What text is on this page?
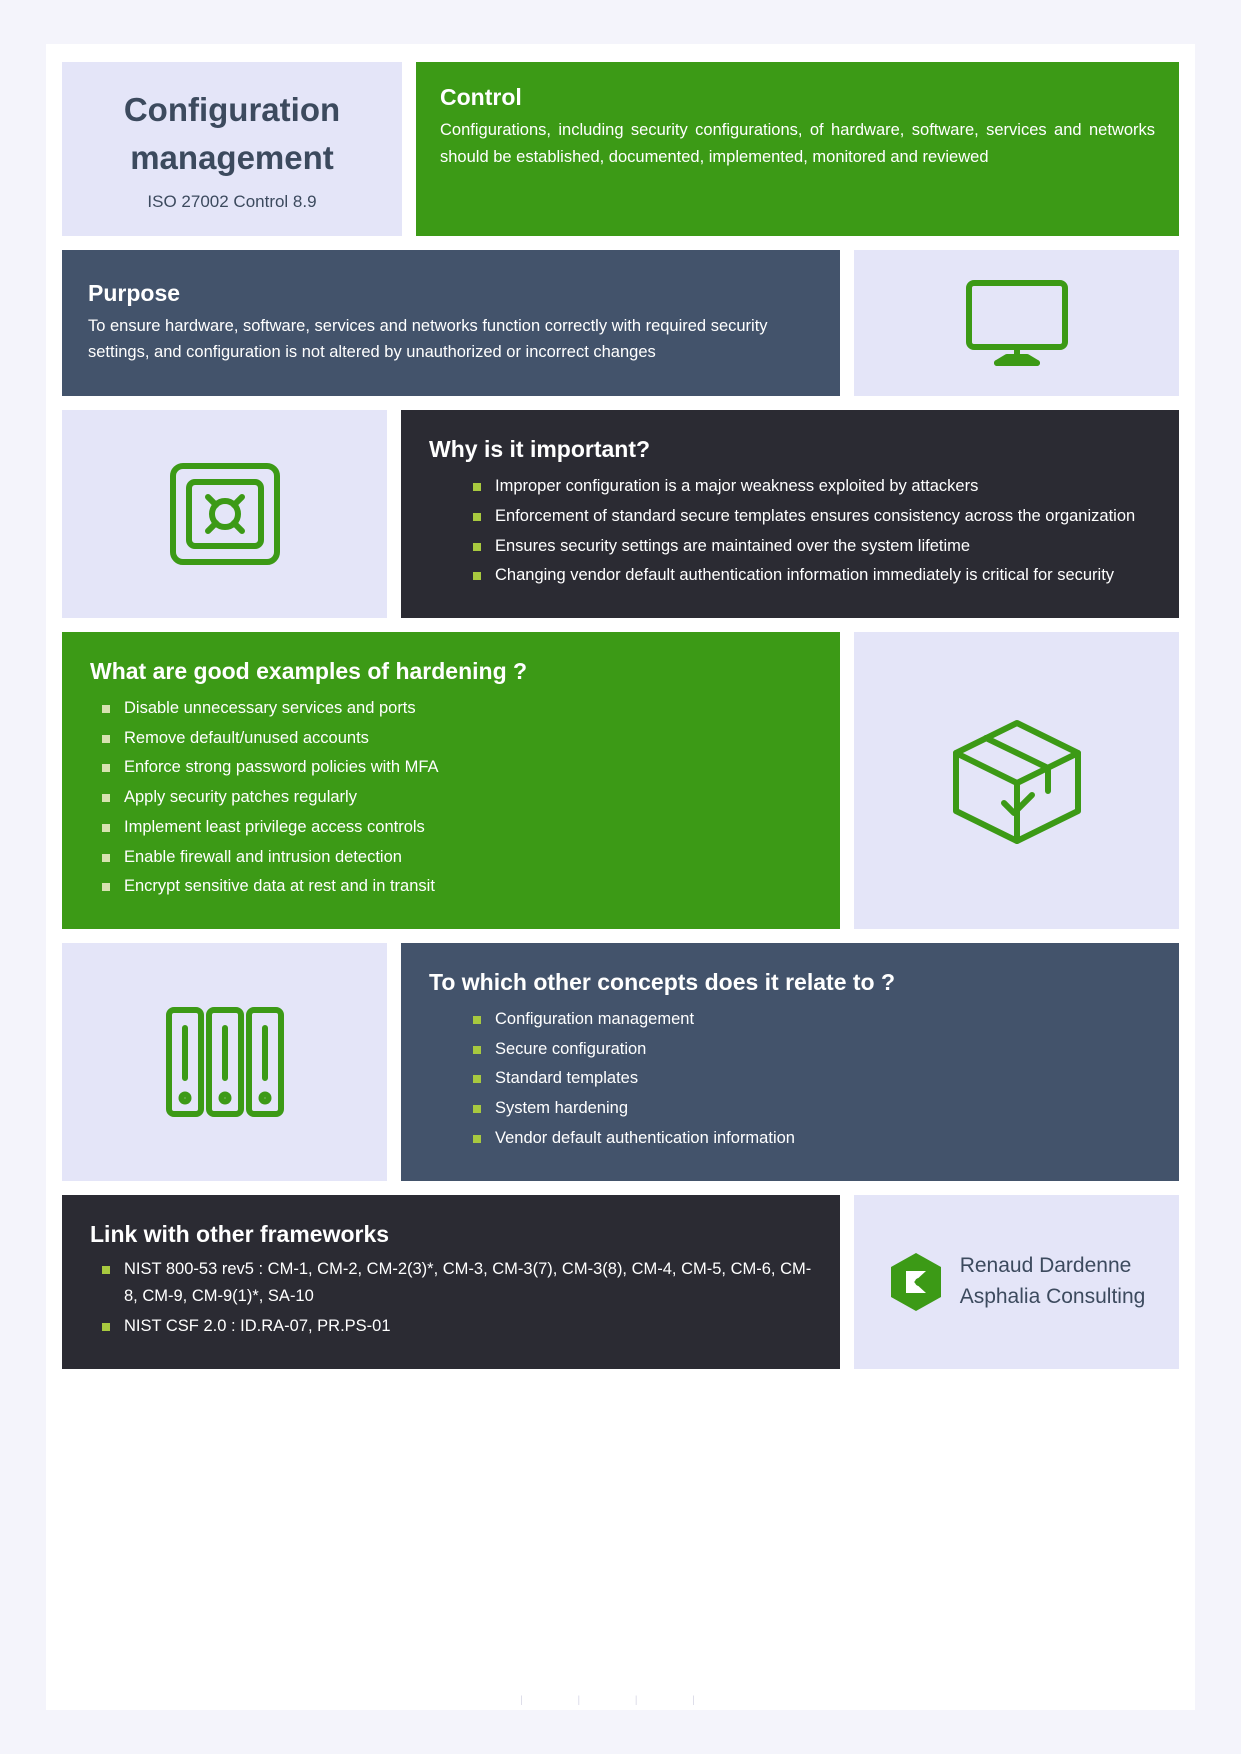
Configuration management
ISO 27002 Control 8.9
Control

Configurations, including security configurations, of hardware, software, services and networks should be established, documented, implemented, monitored and reviewed

Purpose

To ensure hardware, software, services and networks function correctly with required security settings, and configuration is not altered by unauthorized or incorrect changes

Why is it important?
Improper configuration is a major weakness exploited by attackers
Enforcement of standard secure templates ensures consistency across the organization
Ensures security settings are maintained over the system lifetime
Changing vendor default authentication information immediately is critical for security
What are good examples of hardening ?
Disable unnecessary services and ports
Remove default/unused accounts
Enforce strong password policies with MFA
Apply security patches regularly
Implement least privilege access controls
Enable firewall and intrusion detection
Encrypt sensitive data at rest and in transit
To which other concepts does it relate to ?
Configuration management
Secure configuration
Standard templates
System hardening
Vendor default authentication information
Link with other frameworks
NIST 800-53 rev5 : CM-1, CM-2, CM-2(3)*, CM-3, CM-3(7), CM-3(8), CM-4, CM-5, CM-6, CM-8, CM-9, CM-9(1)*, SA-10
NIST CSF 2.0 : ID.RA-07, PR.PS-01
Renaud Dardenne
Asphalia Consulting
| | | |
